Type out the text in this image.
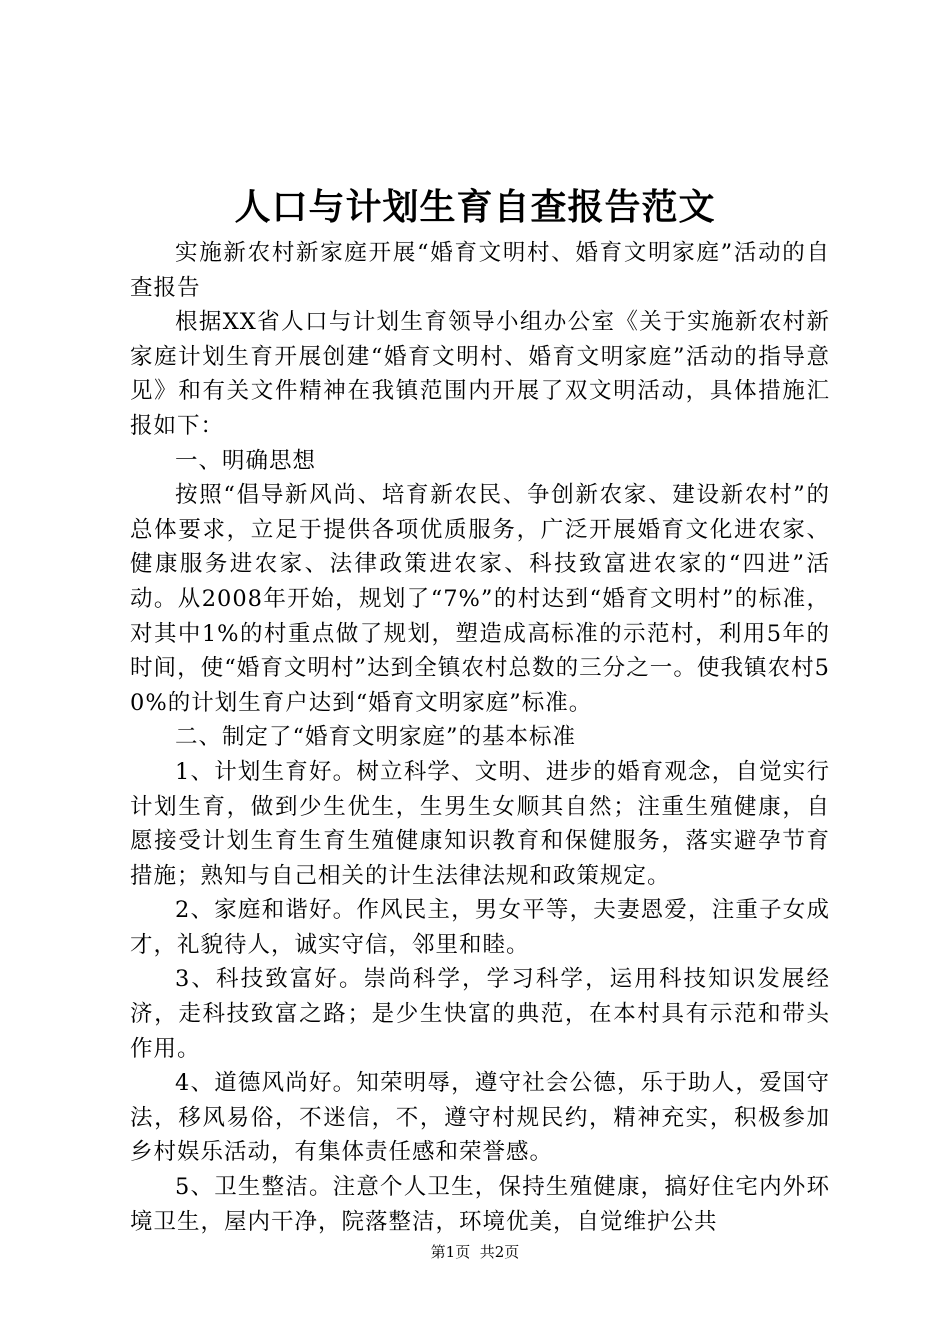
人口与计划生育自查报告范文

实施新农村新家庭开展“婚育文明村、婚育文明家庭”活动的自查报告

根据XX省人口与计划生育领导小组办公室《关于实施新农村新家庭计划生育开展创建“婚育文明村、婚育文明家庭”活动的指导意见》和有关文件精神在我镇范围内开展了双文明活动，具体措施汇报如下：

一、明确思想

按照“倡导新风尚、培育新农民、争创新农家、建设新农村”的总体要求，立足于提供各项优质服务，广泛开展婚育文化进农家、健康服务进农家、法律政策进农家、科技致富进农家的“四进”活动。从2008年开始，规划了“7%”的村达到“婚育文明村”的标准，对其中1%的村重点做了规划，塑造成高标准的示范村，利用5年的时间，使“婚育文明村”达到全镇农村总数的三分之一。使我镇农村50%的计划生育户达到“婚育文明家庭”标准。

二、制定了“婚育文明家庭”的基本标准

1、计划生育好。树立科学、文明、进步的婚育观念，自觉实行计划生育，做到少生优生，生男生女顺其自然；注重生殖健康，自愿接受计划生育生育生殖健康知识教育和保健服务，落实避孕节育措施；熟知与自己相关的计生法律法规和政策规定。

2、家庭和谐好。作风民主，男女平等，夫妻恩爱，注重子女成才，礼貌待人，诚实守信，邻里和睦。

3、科技致富好。崇尚科学，学习科学，运用科技知识发展经济，走科技致富之路；是少生快富的典范，在本村具有示范和带头作用。

4、道德风尚好。知荣明辱，遵守社会公德，乐于助人，爱国守法，移风易俗，不迷信，不，遵守村规民约，精神充实，积极参加乡村娱乐活动，有集体责任感和荣誉感。

5、卫生整洁。注意个人卫生，保持生殖健康，搞好住宅内外环境卫生，屋内干净，院落整洁，环境优美，自觉维护公共

第1页 共2页
